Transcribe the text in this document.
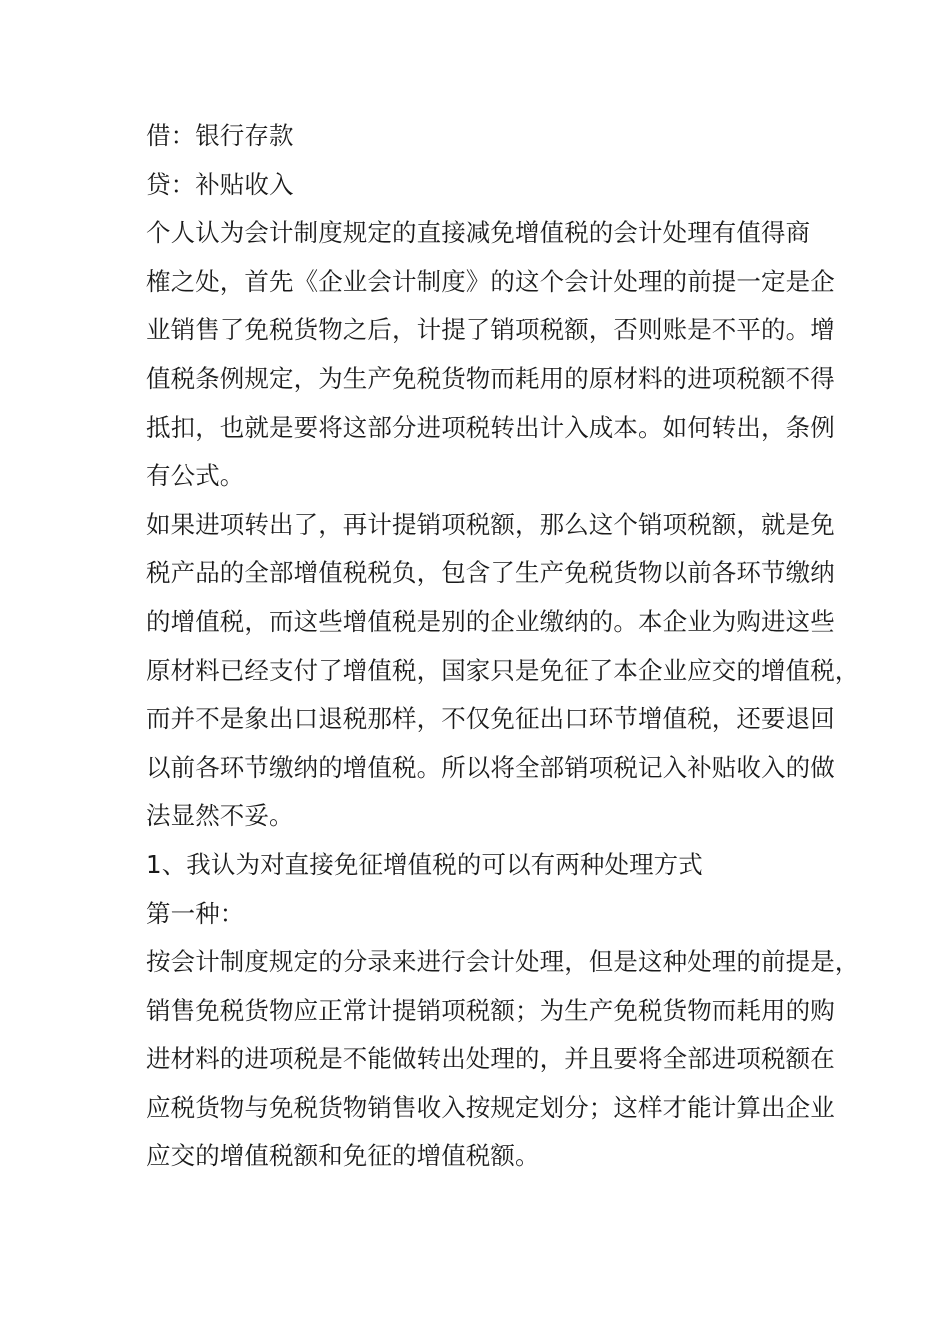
借：银行存款

贷：补贴收入

个人认为会计制度规定的直接减免增值税的会计处理有值得商

榷之处，首先《企业会计制度》的这个会计处理的前提一定是企

业销售了免税货物之后，计提了销项税额，否则账是不平的。增

值税条例规定，为生产免税货物而耗用的原材料的进项税额不得

抵扣，也就是要将这部分进项税转出计入成本。如何转出，条例

有公式。

如果进项转出了，再计提销项税额，那么这个销项税额，就是免

税产品的全部增值税税负，包含了生产免税货物以前各环节缴纳

的增值税，而这些增值税是别的企业缴纳的。本企业为购进这些

原材料已经支付了增值税，国家只是免征了本企业应交的增值税，

而并不是象出口退税那样，不仅免征出口环节增值税，还要退回

以前各环节缴纳的增值税。所以将全部销项税记入补贴收入的做

法显然不妥。

1、我认为对直接免征增值税的可以有两种处理方式

第一种：

按会计制度规定的分录来进行会计处理，但是这种处理的前提是，

销售免税货物应正常计提销项税额；为生产免税货物而耗用的购

进材料的进项税是不能做转出处理的，并且要将全部进项税额在

应税货物与免税货物销售收入按规定划分；这样才能计算出企业

应交的增值税额和免征的增值税额。
